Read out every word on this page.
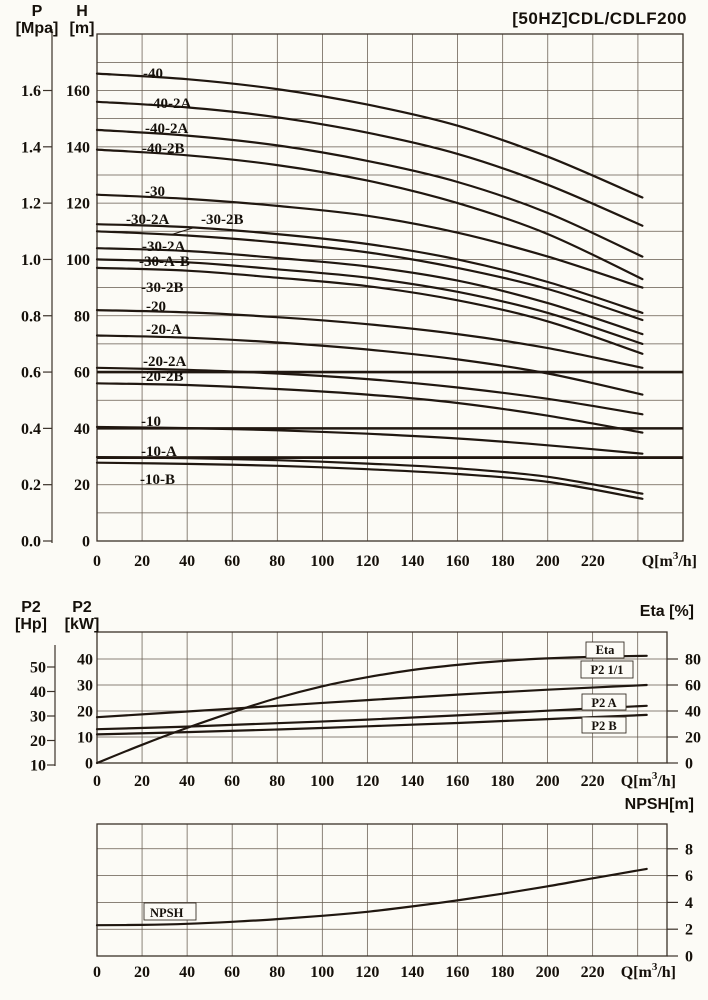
0
20
40
60
80
100
120
140
160
0.0
0.2
0.4
0.6
0.8
1.0
1.2
1.4
1.6
0 20 40 60 80 100 120 140 160 180 200 220 $Q[m^3/h]$
-40
-40-2A
-40-2A
-40-2B
-30
-30-2A -30-2B
-30-2A
-30-A-B
-30-2B
-20
-20-A
-20-2A
-20-2B
-10
-10-A
-10-B
0
10
20
30
40
10
20
30
40
50
0
20
40
60
80
0 20 40 60 80 100 120 140 160 180 200 220 $Q[m^3/h]$
Eta
P2 1/1
P2 A
P2 B
0
2
4
6
8
0 20 40 60 80 100 120 140 160 180 200 220 $Q[m^3/h]$
NPSH
[50HZ]CDL/CDLF200
P
[Mpa]
H
[m]
P2
[Hp]
P2
[kW]
Eta [%]
NPSH[m]
